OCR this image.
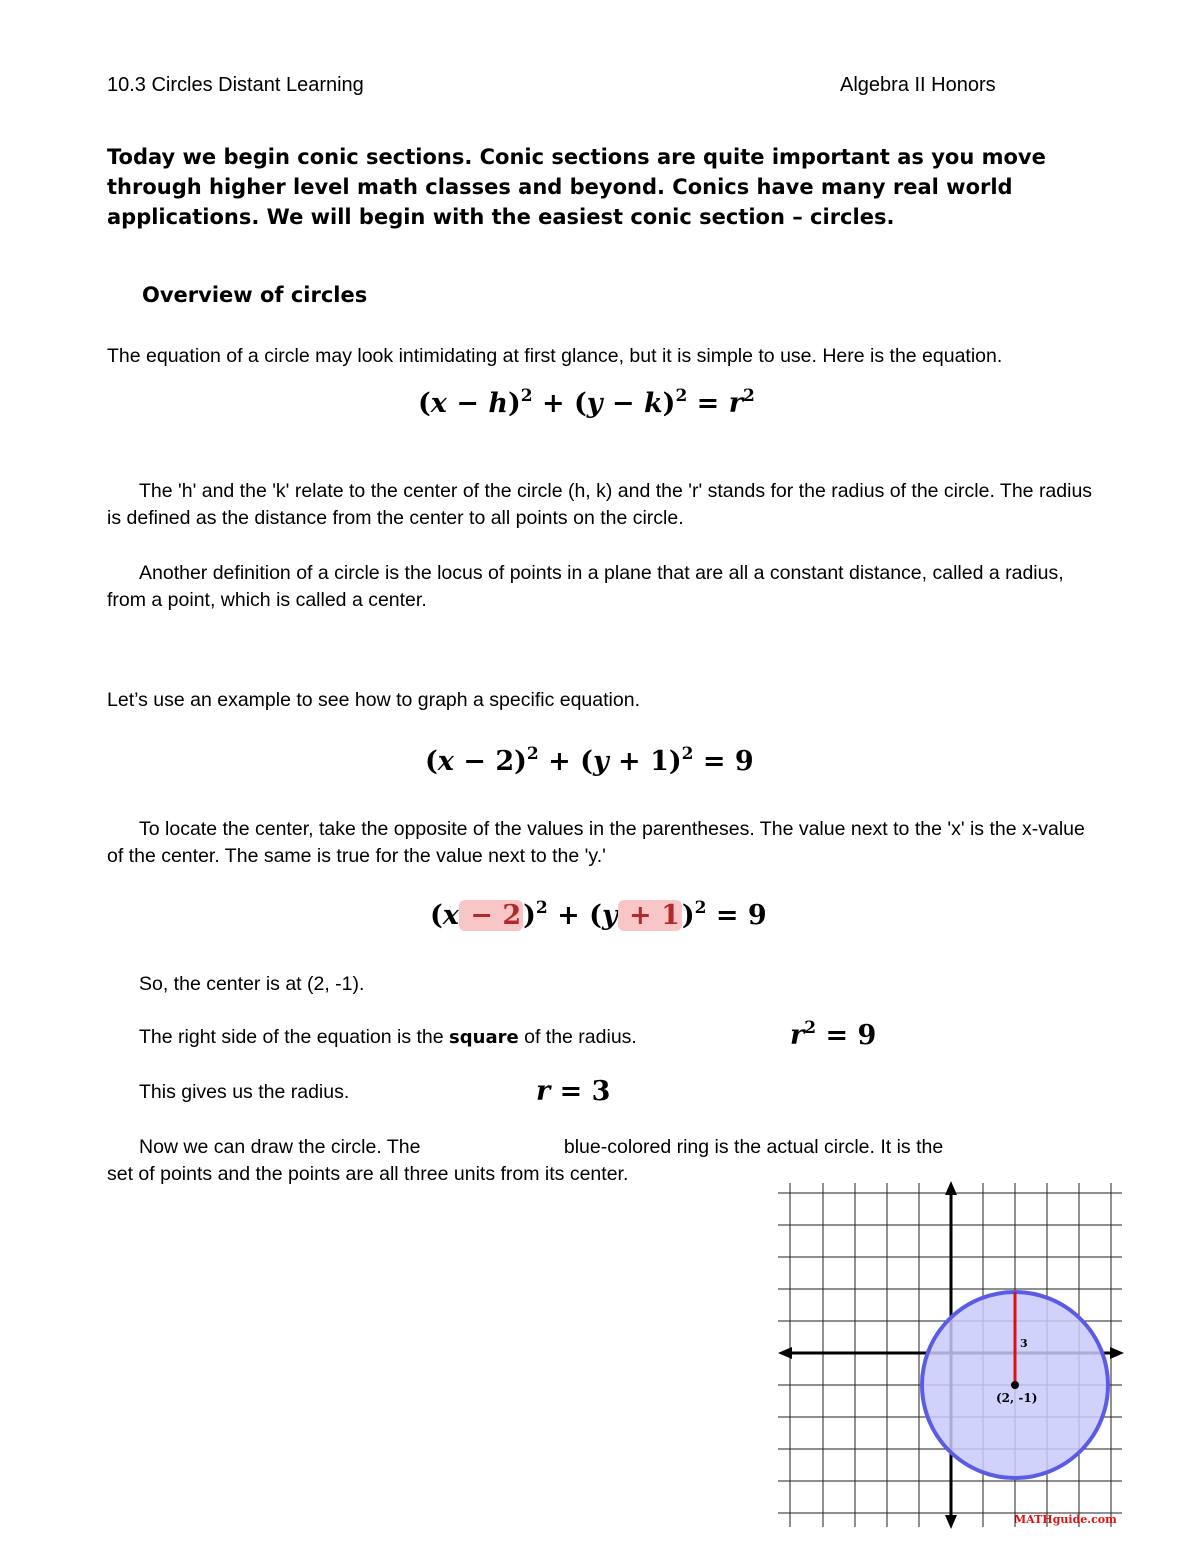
10.3 Circles Distant Learning	Algebra II Honors
Today we begin conic sections. Conic sections are quite important as you move through higher level math classes and beyond. Conics have many real world applications. We will begin with the easiest conic section – circles.
Overview of circles
The equation of a circle may look intimidating at first glance, but it is simple to use. Here is the equation.
$(x - h)^2 + (y - k)^2 = r^2$
The 'h' and the 'k' relate to the center of the circle (h, k) and the 'r' stands for the radius of the circle. The radius is defined as the distance from the center to all points on the circle.
Another definition of a circle is the locus of points in a plane that are all a constant distance, called a radius, from a point, which is called a center.
Let’s use an example to see how to graph a specific equation.
$(x - 2)^2 + (y + 1)^2 = 9$
To locate the center, take the opposite of the values in the parentheses. The value next to the 'x' is the x-value of the center. The same is true for the value next to the 'y.'
$(x - 2)^2 + (y + 1)^2 = 9$
So, the center is at (2, -1).
The right side of the equation is the square of the radius.	$r^2 = 9$
This gives us the radius.	r = 3
Now we can draw the circle. The	blue-colored ring is the actual circle. It is the
set of points and the points are all three units from its center.
3
(2, -1)
MATHguide.com
